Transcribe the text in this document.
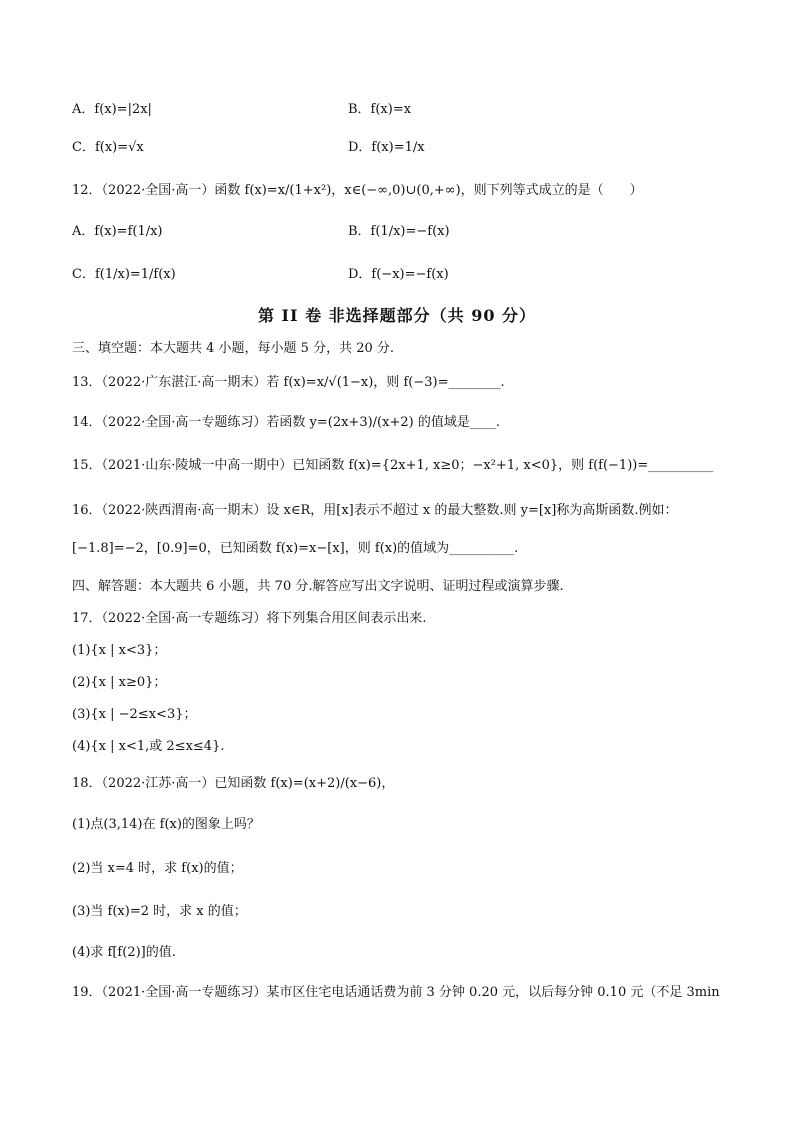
A．f(x)=|2x|	B．f(x)=x
C．f(x)=√x	D．f(x)=1/x
12．（2022·全国·高一）函数 f(x)=x/(1+x²)，x∈(−∞,0)∪(0,+∞)，则下列等式成立的是（　　）
A．f(x)=f(1/x)	B．f(1/x)=−f(x)
C．f(1/x)=1/f(x)	D．f(−x)=−f(x)
第 II 卷 非选择题部分（共 90 分）
三、填空题：本大题共 4 小题，每小题 5 分，共 20 分.
13．（2022·广东湛江·高一期末）若 f(x)=x/√(1−x)，则 f(−3)=________.
14．（2022·全国·高一专题练习）若函数 y=(2x+3)/(x+2) 的值域是____.
15．（2021·山东·陵城一中高一期中）已知函数 f(x)={2x+1, x≥0；−x²+1, x<0}，则 f(f(−1))=__________
16．（2022·陕西渭南·高一期末）设 x∈R，用[x]表示不超过 x 的最大整数.则 y=[x]称为高斯函数.例如：
[−1.8]=−2，[0.9]=0，已知函数 f(x)=x−[x]，则 f(x)的值域为__________.
四、解答题：本大题共 6 小题，共 70 分.解答应写出文字说明、证明过程或演算步骤.
17．（2022·全国·高一专题练习）将下列集合用区间表示出来.
(1){x | x<3}；
(2){x | x≥0}；
(3){x | −2≤x<3}；
(4){x | x<1,或 2≤x≤4}.
18．（2022·江苏·高一）已知函数 f(x)=(x+2)/(x−6)，
(1)点(3,14)在 f(x)的图象上吗？
(2)当 x=4 时，求 f(x)的值；
(3)当 f(x)=2 时，求 x 的值；
(4)求 f[f(2)]的值.
19．（2021·全国·高一专题练习）某市区住宅电话通话费为前 3 分钟 0.20 元，以后每分钟 0.10 元（不足 3min
